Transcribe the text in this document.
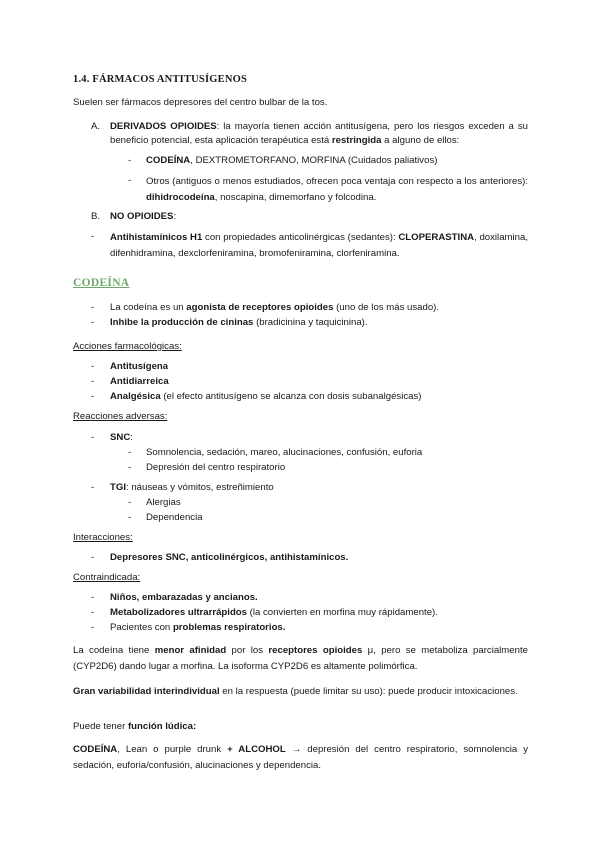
1.4. FÁRMACOS ANTITUSÍGENOS
Suelen ser fármacos depresores del centro bulbar de la tos.
A. DERIVADOS OPIOIDES: la mayoría tienen acción antitusígena, pero los riesgos exceden a su beneficio potencial, esta aplicación terapéutica está restringida a alguno de ellos:
- CODEÍNA, DEXTROMETORFANO, MORFINA (Cuidados paliativos)
- Otros (antiguos o menos estudiados, ofrecen poca ventaja con respecto a los anteriores): dihidrocodeína, noscapina, dimemorfano y folcodina.
B. NO OPIOIDES:
- Antihistamínicos H1 con propiedades anticolinérgicas (sedantes): CLOPERASTINA, doxilamina, difenhidramina, dexclorfeniramina, bromofeniramina, clorfeniramina.
CODEÍNA
- La codeína es un agonista de receptores opioides (uno de los más usado).
- Inhibe la producción de cininas (bradicinina y taquicinina).
Acciones farmacológicas:
- Antitusígena
- Antidiarreica
- Analgésica (el efecto antitusígeno se alcanza con dosis subanalgésicas)
Reacciones adversas:
- SNC:
- Somnolencia, sedación, mareo, alucinaciones, confusión, euforia
- Depresión del centro respiratorio
- TGI: náuseas y vómitos, estreñimiento
- Alergias
- Dependencia
Interacciones:
- Depresores SNC, anticolinérgicos, antihistamínicos.
Contraindicada:
- Niños, embarazadas y ancianos.
- Metabolizadores ultrarrápidos (la convierten en morfina muy rápidamente).
- Pacientes con problemas respiratorios.
La codeína tiene menor afinidad por los receptores opioides μ, pero se metaboliza parcialmente (CYP2D6) dando lugar a morfina. La isoforma CYP2D6 es altamente polimórfica.
Gran variabilidad interindividual en la respuesta (puede limitar su uso): puede producir intoxicaciones.
Puede tener función lúdica:
CODEÍNA, Lean o purple drunk + ALCOHOL → depresión del centro respiratorio, somnolencia y sedación, euforia/confusión, alucinaciones y dependencia.
